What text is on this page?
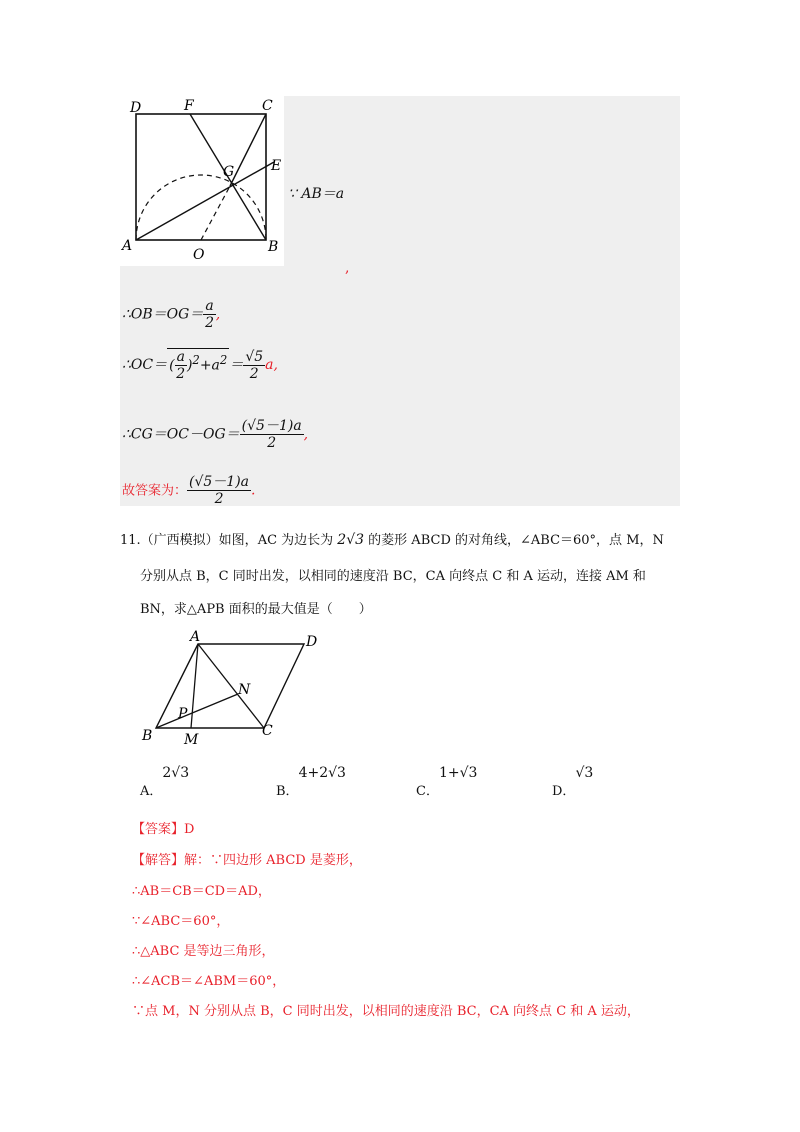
D	F	C
G	E
A
O	B
∵ AB＝a
,
∴OB＝OG＝ $\frac{a}{2}$ ,
∴OC＝ ( $\frac{a}{2} )^2+a^2 = \frac{√5}{2} a$,
∴CG＝OC－OG＝ $\frac{(√5-1)a}{2}$ ,
故答案为： $\frac{(√5-1)a}{2}$ .
11.（广西模拟）如图，AC 为边长为 2√3 的菱形 ABCD 的对角线，∠ABC＝60°，点 M，N
分别从点 B，C 同时出发，以相同的速度沿 BC，CA 向终点 C 和 A 运动，连接 AM 和
BN，求△APB 面积的最大值是（　　）
A	D
N
P
B M
C
$_{A.}$2√3
$_{B.}$4+2√3
$_{C.}$1+√3
$_{D.}$√3
【答案】D
【解答】解：∵四边形 ABCD 是菱形，
∴AB＝CB＝CD＝AD，
∵∠ABC＝60°，
∴△ABC 是等边三角形，
∴∠ACB＝∠ABM＝60°，
∵点 M，N 分别从点 B，C 同时出发，以相同的速度沿 BC，CA 向终点 C 和 A 运动，
